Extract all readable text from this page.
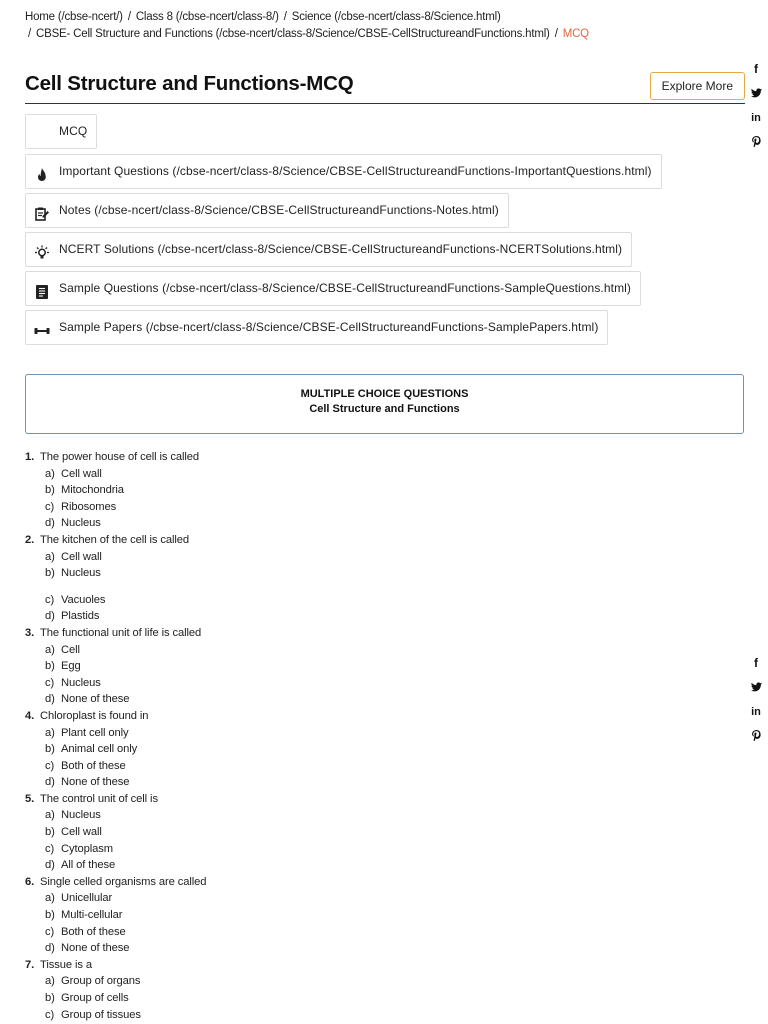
Home (/cbse-ncert/) / Class 8 (/cbse-ncert/class-8/) / Science (/cbse-ncert/class-8/Science.html)
/ CBSE- Cell Structure and Functions (/cbse-ncert/class-8/Science/CBSE-CellStructureandFunctions.html) / MCQ
Cell Structure and Functions-MCQ	Explore More
f
in
f
in
MCQ
Important Questions (/cbse-ncert/class-8/Science/CBSE-CellStructureandFunctions-ImportantQuestions.html)
Notes (/cbse-ncert/class-8/Science/CBSE-CellStructureandFunctions-Notes.html)
NCERT Solutions (/cbse-ncert/class-8/Science/CBSE-CellStructureandFunctions-NCERTSolutions.html)
Sample Questions (/cbse-ncert/class-8/Science/CBSE-CellStructureandFunctions-SampleQuestions.html)
Sample Papers (/cbse-ncert/class-8/Science/CBSE-CellStructureandFunctions-SamplePapers.html)
MULTIPLE CHOICE QUESTIONS
Cell Structure and Functions
1. The power house of cell is called
a) Cell wall
b) Mitochondria
c) Ribosomes
d) Nucleus
2. The kitchen of the cell is called
a) Cell wall
b) Nucleus
c) Vacuoles
d) Plastids
3. The functional unit of life is called
a) Cell
b) Egg
c) Nucleus
d) None of these
4. Chloroplast is found in
a) Plant cell only
b) Animal cell only
c) Both of these
d) None of these
5. The control unit of cell is
a) Nucleus
b) Cell wall
c) Cytoplasm
d) All of these
6. Single celled organisms are called
a) Unicellular
b) Multi-cellular
c) Both of these
d) None of these
7. Tissue is a
a) Group of organs
b) Group of cells
c) Group of tissues
